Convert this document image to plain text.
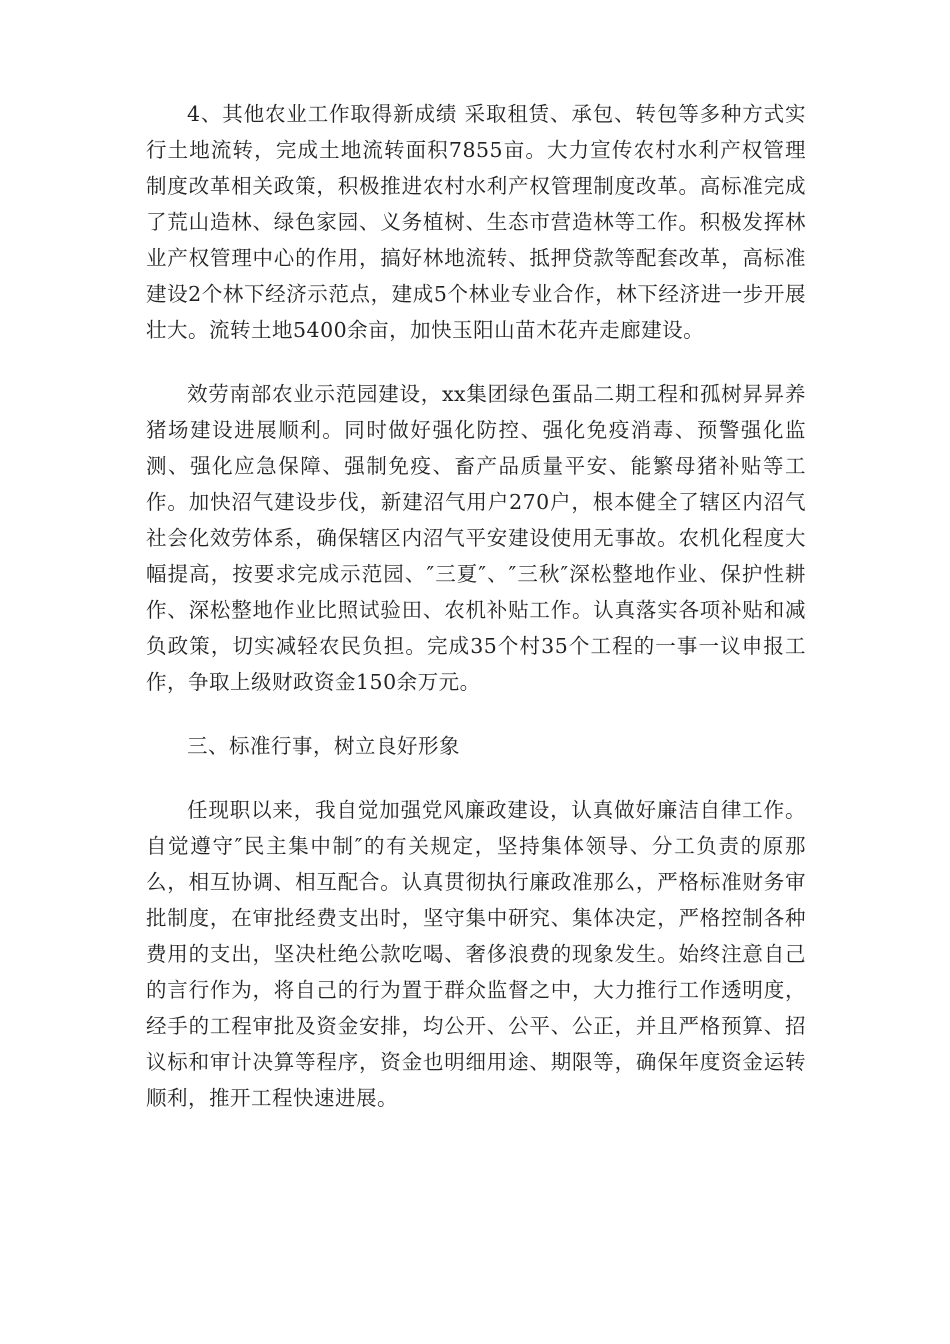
4、其他农业工作取得新成绩 采取租赁、承包、转包等多种方式实行土地流转，完成土地流转面积7855亩。大力宣传农村水利产权管理制度改革相关政策，积极推进农村水利产权管理制度改革。高标准完成了荒山造林、绿色家园、义务植树、生态市营造林等工作。积极发挥林业产权管理中心的作用，搞好林地流转、抵押贷款等配套改革，高标准建设2个林下经济示范点，建成5个林业专业合作，林下经济进一步开展壮大。流转土地5400余亩，加快玉阳山苗木花卉走廊建设。

效劳南部农业示范园建设，xx集团绿色蛋品二期工程和孤树昇昇养猪场建设进展顺利。同时做好强化防控、强化免疫消毒、预警强化监测、强化应急保障、强制免疫、畜产品质量平安、能繁母猪补贴等工作。加快沼气建设步伐，新建沼气用户270户，根本健全了辖区内沼气社会化效劳体系，确保辖区内沼气平安建设使用无事故。农机化程度大幅提高，按要求完成示范园、″三夏″、″三秋″深松整地作业、保护性耕作、深松整地作业比照试验田、农机补贴工作。认真落实各项补贴和减负政策，切实减轻农民负担。完成35个村35个工程的一事一议申报工作，争取上级财政资金150余万元。

三、标准行事，树立良好形象

任现职以来，我自觉加强党风廉政建设，认真做好廉洁自律工作。自觉遵守″民主集中制″的有关规定，坚持集体领导、分工负责的原那么，相互协调、相互配合。认真贯彻执行廉政准那么，严格标准财务审批制度，在审批经费支出时，坚守集中研究、集体决定，严格控制各种费用的支出，坚决杜绝公款吃喝、奢侈浪费的现象发生。始终注意自己的言行作为，将自己的行为置于群众监督之中，大力推行工作透明度，经手的工程审批及资金安排，均公开、公平、公正，并且严格预算、招议标和审计决算等程序，资金也明细用途、期限等，确保年度资金运转顺利，推开工程快速进展。
